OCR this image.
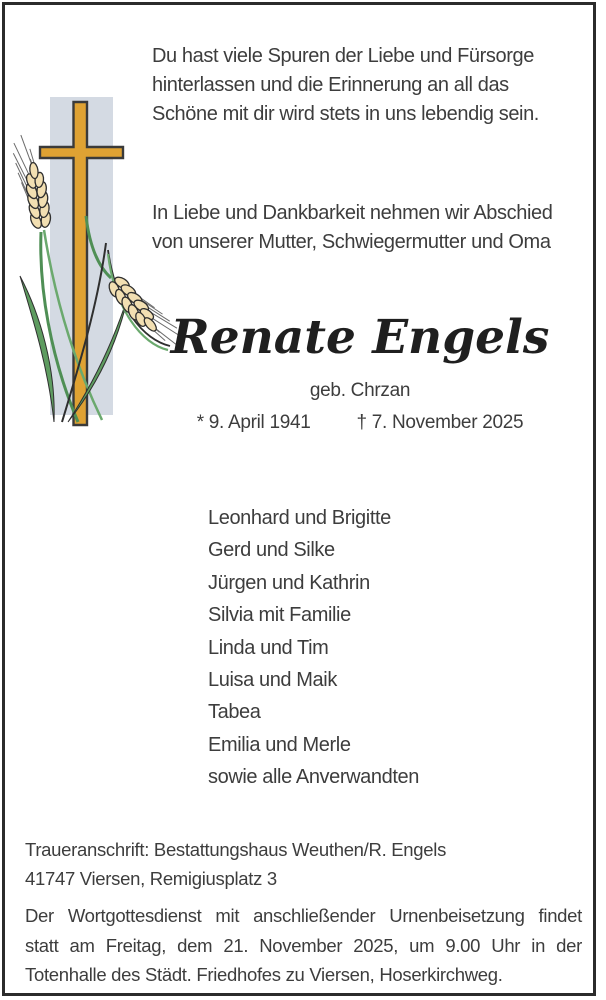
Du hast viele Spuren der Liebe und Fürsorge
hinterlassen und die Erinnerung an all das
Schöne mit dir wird stets in uns lebendig sein.
In Liebe und Dankbarkeit nehmen wir Abschied
von unserer Mutter, Schwiegermutter und Oma
Renate Engels
geb. Chrzan
* 9. April 1941 † 7. November 2025
Leonhard und Brigitte
Gerd und Silke
Jürgen und Kathrin
Silvia mit Familie
Linda und Tim
Luisa und Maik
Tabea
Emilia und Merle
sowie alle Anverwandten
Traueranschrift: Bestattungshaus Weuthen/R. Engels
41747 Viersen, Remigiusplatz 3
Der Wortgottesdienst mit anschließender Urnenbeisetzung findet
statt am Freitag, dem 21. November 2025, um 9.00 Uhr in der
Totenhalle des Städt. Friedhofes zu Viersen, Hoserkirchweg.
